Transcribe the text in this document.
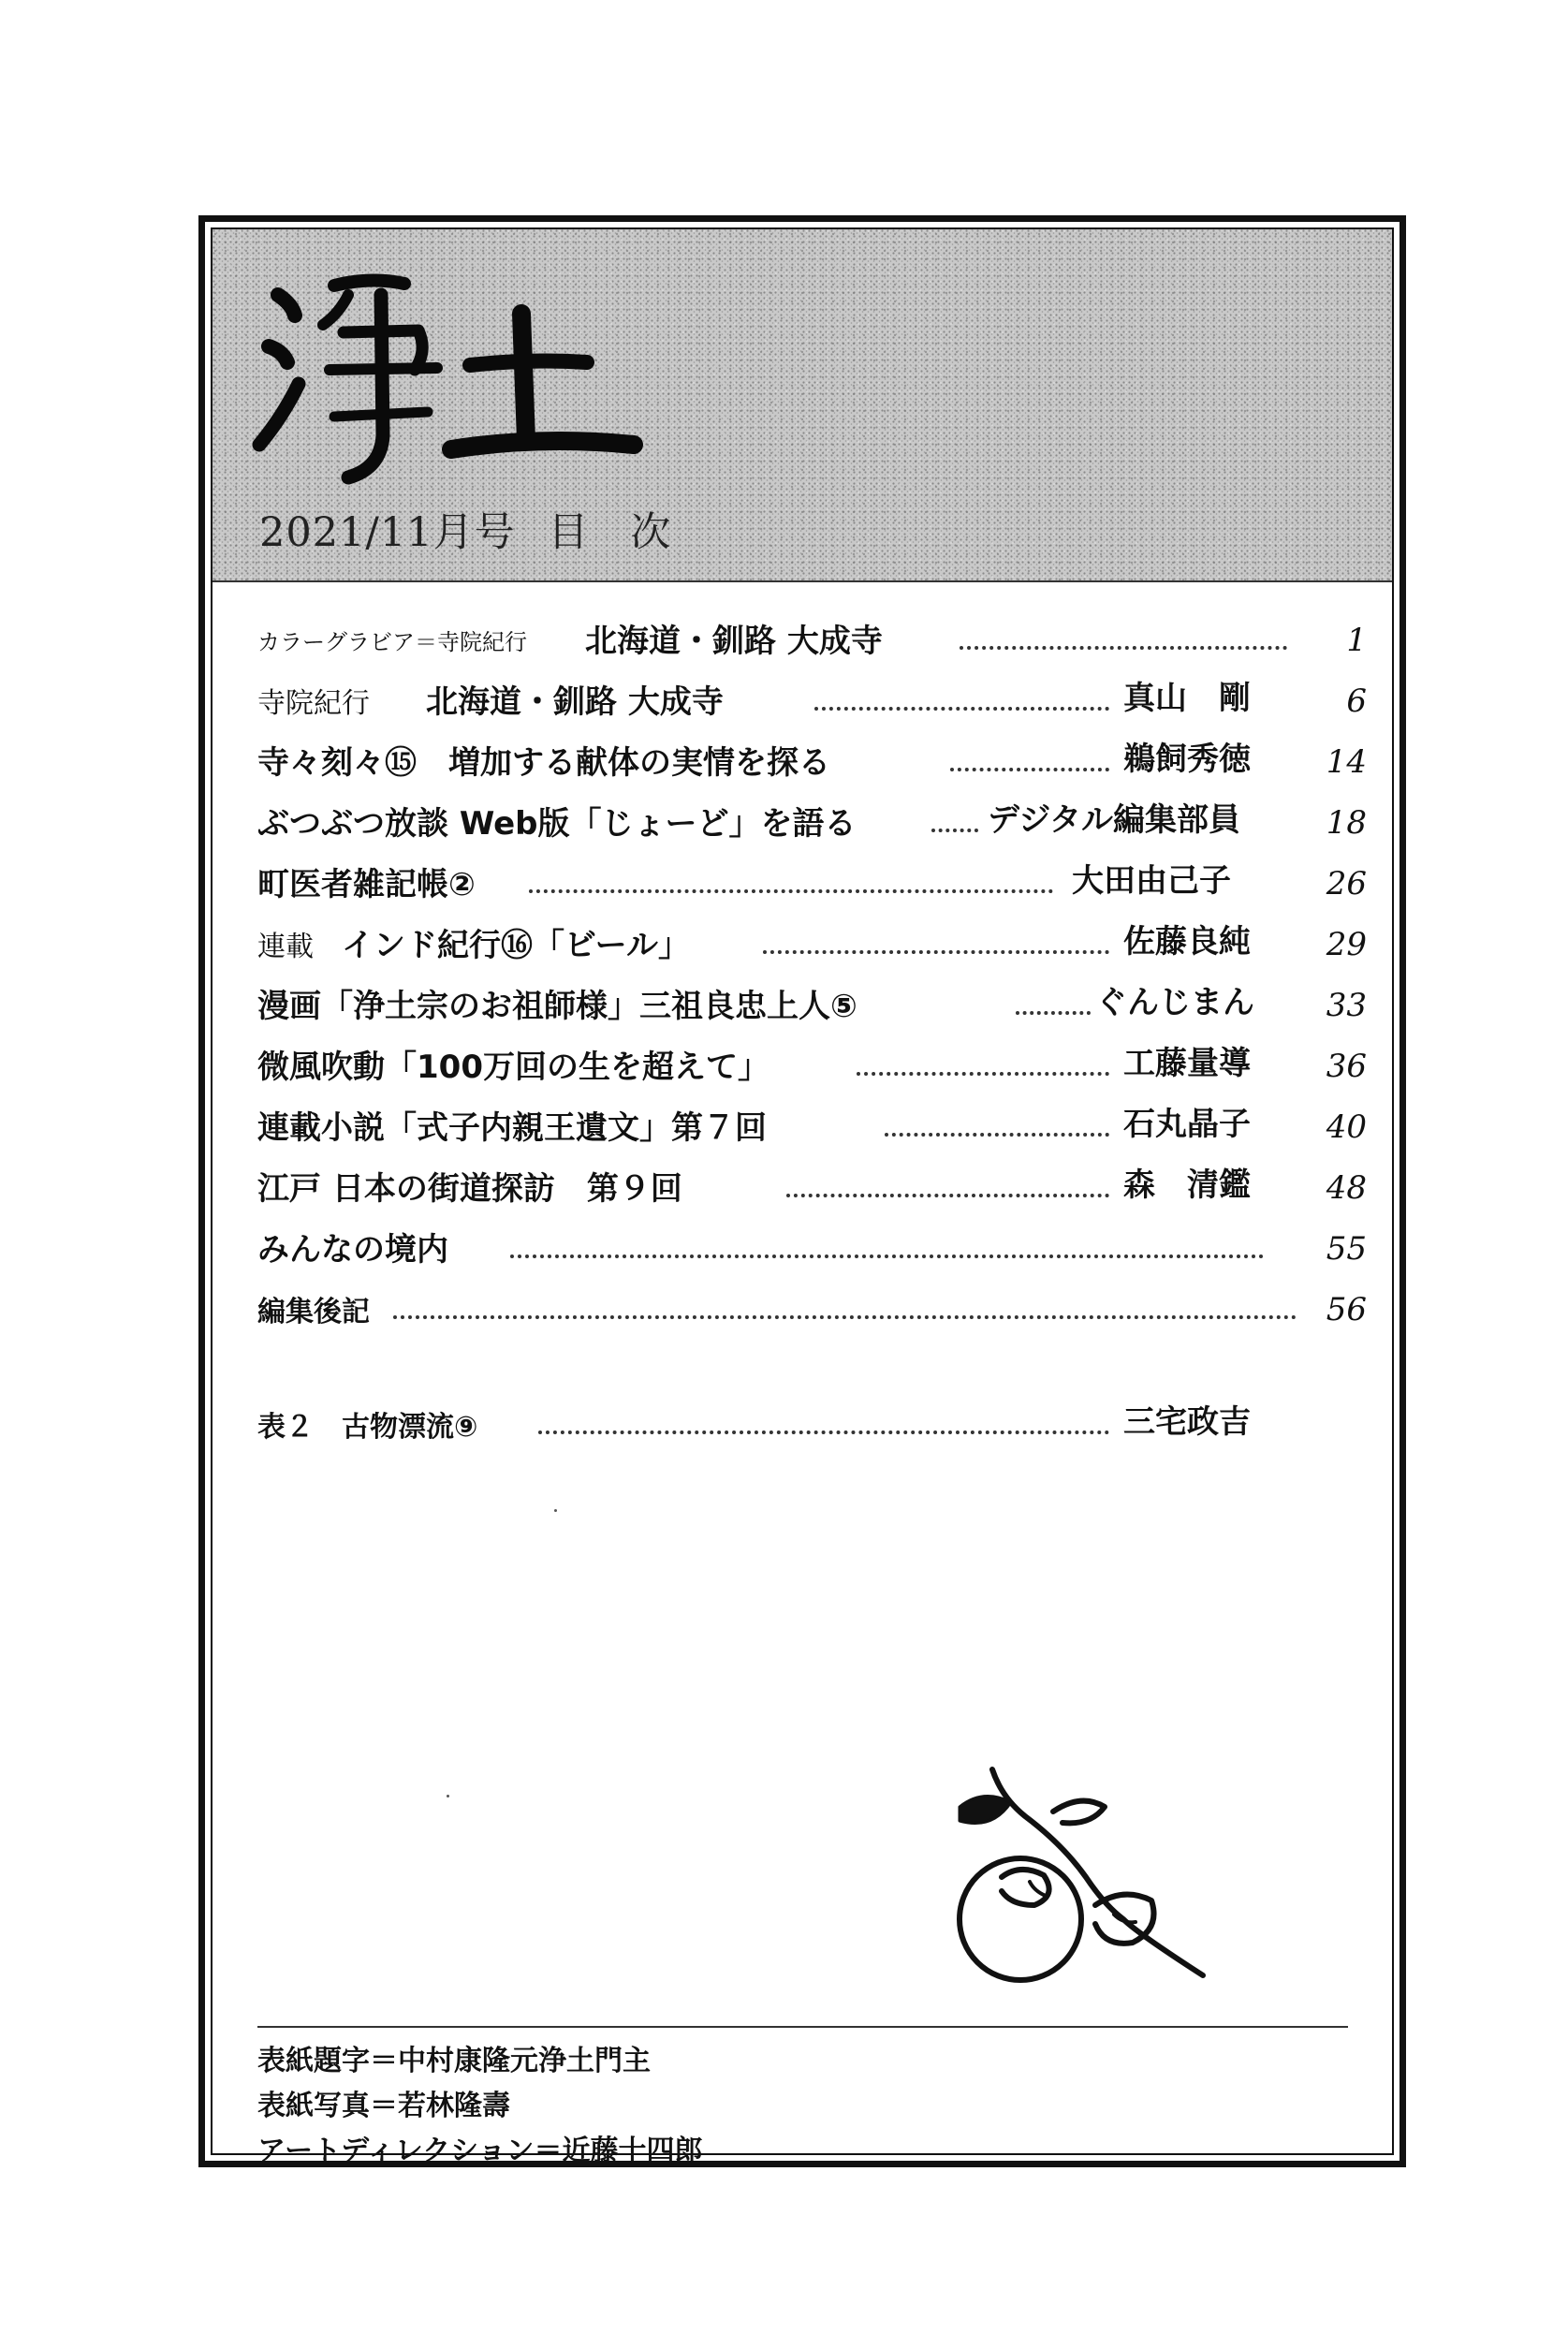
2021/11月号 目　次
カラーグラビア＝寺院紀行 北海道・釧路 大成寺	1
寺院紀行 北海道・釧路 大成寺	真山　剛	6
寺々刻々⑮　増加する献体の実情を探る	鵜飼秀徳	14
ぶつぶつ放談 Web版「じょーど」を語る	デジタル編集部員	18
町医者雑記帳②	大田由己子	26
連載 インド紀行⑯「ビール」	佐藤良純	29
漫画「浄土宗のお祖師様」三祖良忠上人⑤	ぐんじまん	33
微風吹動「100万回の生を超えて」	工藤量導	36
連載小説「式子内親王遺文」第７回	石丸晶子	40
江戸 日本の街道探訪　第９回	森　清鑑	48
みんなの境内	55
編集後記	56
表２　古物漂流⑨	三宅政吉
表紙題字＝中村康隆元浄土門主
表紙写真＝若林隆壽
アートディレクション＝近藤十四郎
